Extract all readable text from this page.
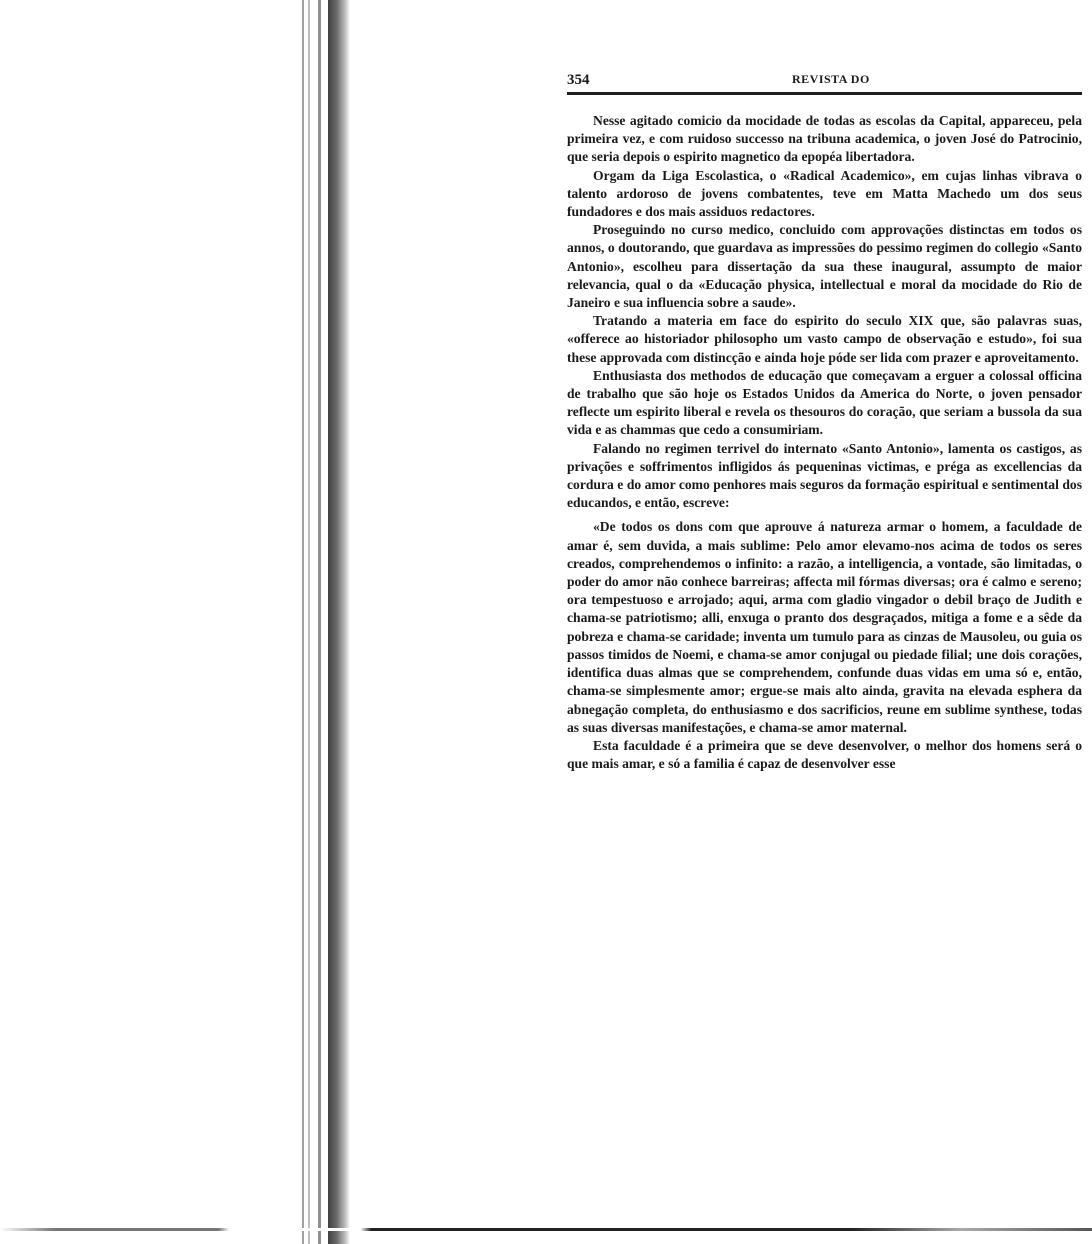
354	REVISTA DO

Nesse agitado comicio da mocidade de todas as escolas da Capital, appareceu, pela primeira vez, e com ruidoso successo na tribuna academica, o joven José do Patrocinio, que seria depois o espirito magnetico da epopéa libertadora.

Orgam da Liga Escolastica, o «Radical Academico», em cujas linhas vibrava o talento ardoroso de jovens combatentes, teve em Matta Machedo um dos seus fundadores e dos mais assiduos redactores.

Proseguindo no curso medico, concluido com approvações distinctas em todos os annos, o doutorando, que guardava as impressões do pessimo regimen do collegio «Santo Antonio», escolheu para dissertação da sua these inaugural, assumpto de maior relevancia, qual o da «Educação physica, intellectual e moral da mocidade do Rio de Janeiro e sua influencia sobre a saude».

Tratando a materia em face do espirito do seculo XIX que, são palavras suas, «offerece ao historiador philosopho um vasto campo de observação e estudo», foi sua these approvada com distincção e ainda hoje póde ser lida com prazer e aproveitamento.

Enthusiasta dos methodos de educação que começavam a erguer a colossal officina de trabalho que são hoje os Estados Unidos da America do Norte, o joven pensador reflecte um espirito liberal e revela os thesouros do coração, que seriam a bussola da sua vida e as chammas que cedo a consumiriam.

Falando no regimen terrivel do internato «Santo Antonio», lamenta os castigos, as privações e soffrimentos infligidos ás pequeninas victimas, e préga as excellencias da cordura e do amor como penhores mais seguros da formação espiritual e sentimental dos educandos, e então, escreve:

«De todos os dons com que aprouve á natureza armar o homem, a faculdade de amar é, sem duvida, a mais sublime: Pelo amor elevamo-nos acima de todos os seres creados, comprehendemos o infinito: a razão, a intelligencia, a vontade, são limitadas, o poder do amor não conhece barreiras; affecta mil fórmas diversas; ora é calmo e sereno; ora tempestuoso e arrojado; aqui, arma com gladio vingador o debil braço de Judith e chama-se patriotismo; alli, enxuga o pranto dos desgraçados, mitiga a fome e a sêde da pobreza e chama-se caridade; inventa um tumulo para as cinzas de Mausoleu, ou guia os passos timidos de Noemi, e chama-se amor conjugal ou piedade filial; une dois corações, identifica duas almas que se comprehendem, confunde duas vidas em uma só e, então, chama-se simplesmente amor; ergue-se mais alto ainda, gravita na elevada esphera da abnegação completa, do enthusiasmo e dos sacrificios, reune em sublime synthese, todas as suas diversas manifestações, e chama-se amor maternal.

Esta faculdade é a primeira que se deve desenvolver, o melhor dos homens será o que mais amar, e só a familia é capaz de desenvolver esse
